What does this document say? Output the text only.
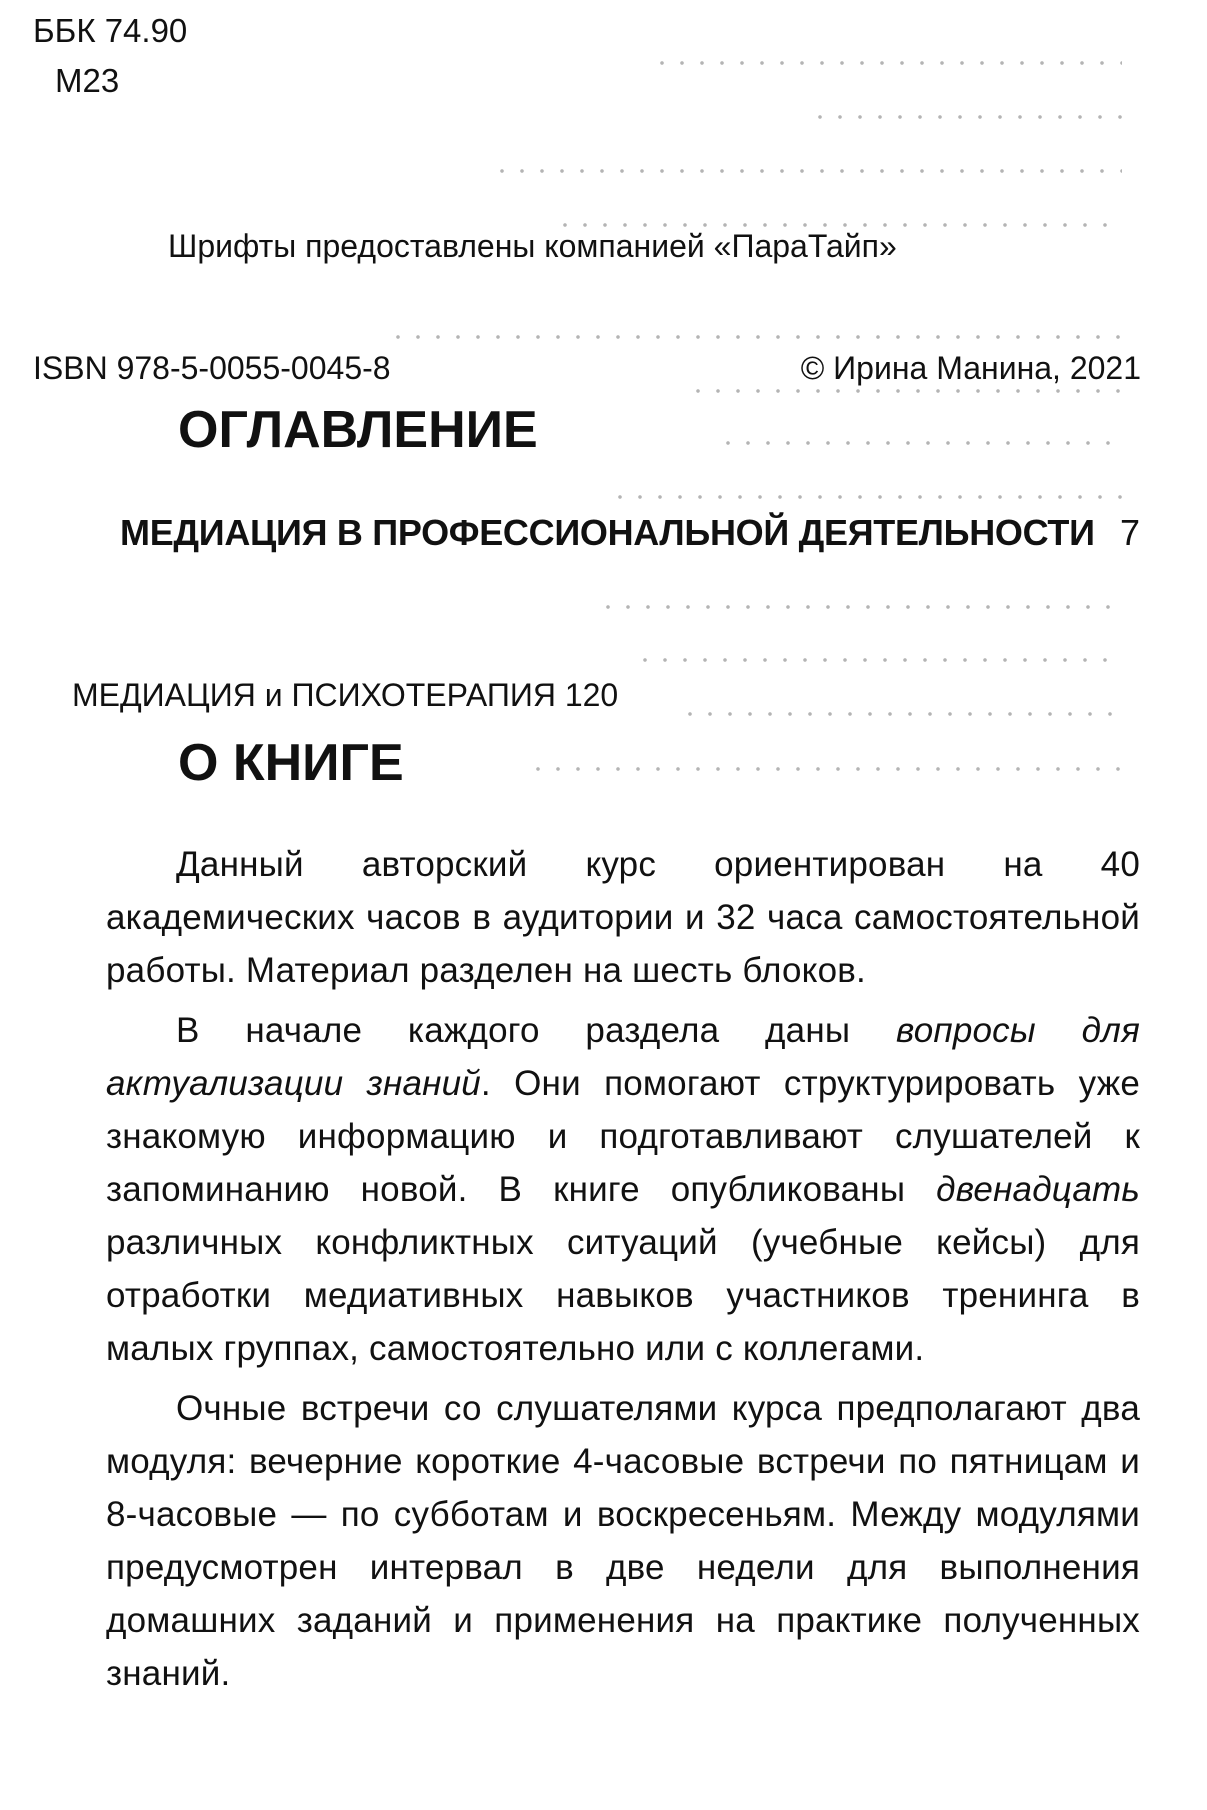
ББК 74.90
М23
Шрифты предоставлены компанией «ПараТайп»
ISBN 978-5-0055-0045-8	© Ирина Манина, 2021
ОГЛАВЛЕНИЕ
МЕДИАЦИЯ В ПРОФЕССИОНАЛЬНОЙ ДЕЯТЕЛЬНОСТИ 7
МЕДИАЦИЯ и ПСИХОТЕРАПИЯ 120
О КНИГЕ

Данный авторский курс ориентирован на 40 академических часов в аудитории и 32 часа самостоятельной работы. Материал разделен на шесть блоков.

В начале каждого раздела даны вопросы для актуализации знаний. Они помогают структурировать уже знакомую информацию и подготавливают слушателей к запоминанию новой. В книге опубликованы двенадцать различных конфликтных ситуаций (учебные кейсы) для отработки медиативных навыков участников тренинга в малых группах, самостоятельно или с коллегами.

Очные встречи со слушателями курса предполагают два модуля: вечерние короткие 4-часовые встречи по пятницам и 8-часовые — по субботам и воскресеньям. Между модулями предусмотрен интервал в две недели для выполнения домашних заданий и применения на практике полученных знаний.
